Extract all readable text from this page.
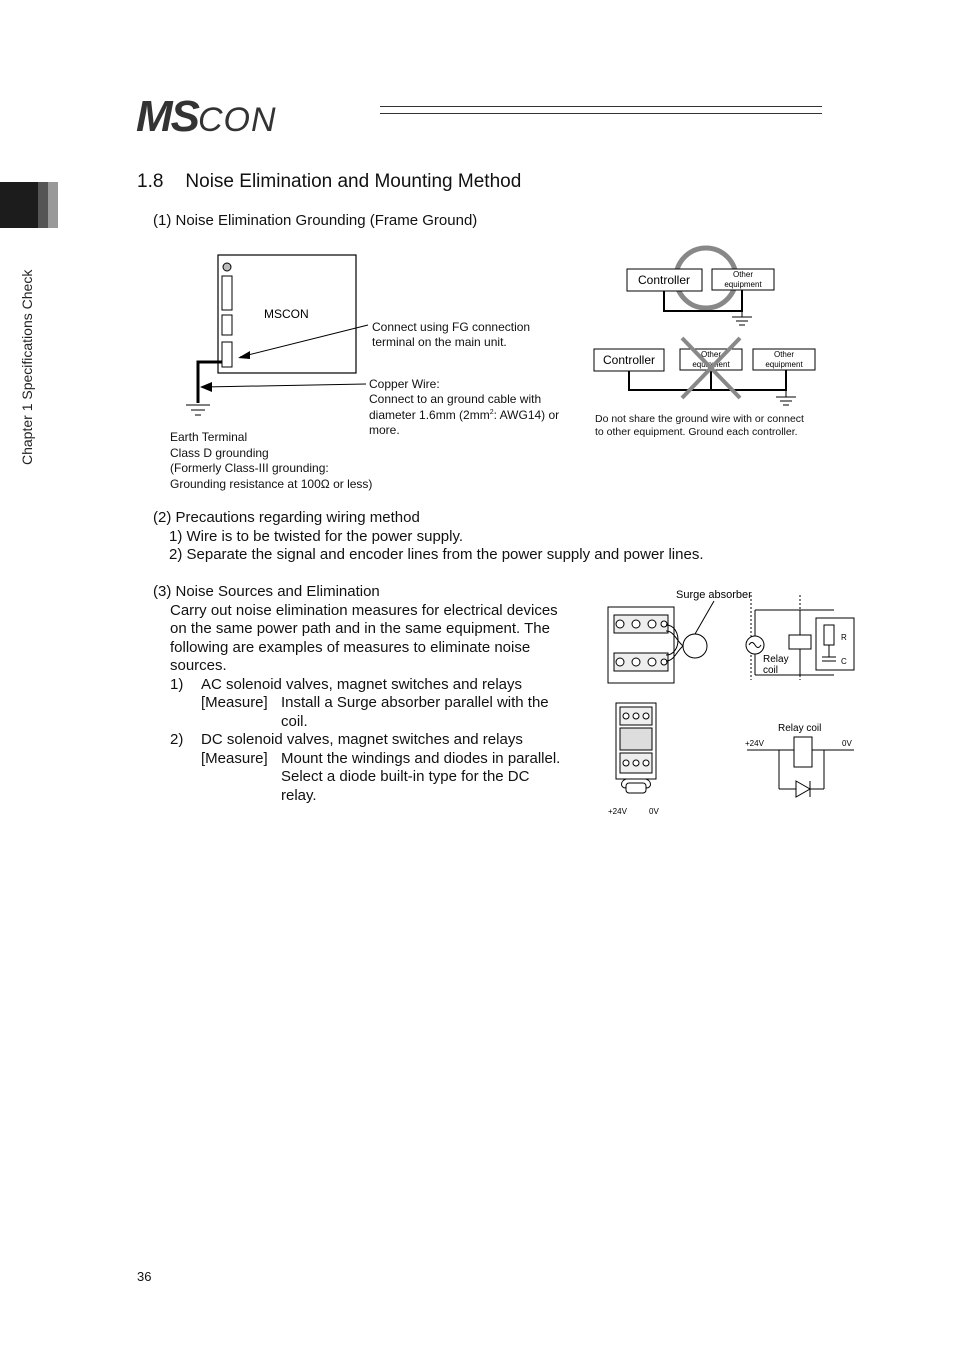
MSCON
Chapter 1 Specifications Check
1.8 Noise Elimination and Mounting Method
(1) Noise Elimination Grounding (Frame Ground)
MSCON
Connect using FG connection
terminal on the main unit.
Copper Wire:
Connect to an ground cable with
diameter 1.6mm ($2mm^2$: AWG14) or
more.
Earth Terminal
Class D grounding
(Formerly Class-III grounding:
Grounding resistance at 100Ω or less)
Controller	Other
equipment
Controller	Other
equipment
Other
equipment
Do not share the ground wire with or connect
to other equipment. Ground each controller.
(2) Precautions regarding wiring method
1) Wire is to be twisted for the power supply.
2) Separate the signal and encoder lines from the power supply and power lines.
(3) Noise Sources and Elimination
Carry out noise elimination measures for electrical devices
on the same power path and in the same equipment. The
following are examples of measures to eliminate noise
sources.
1) AC solenoid valves, magnet switches and relays
[Measure] Install a Surge absorber parallel with the
coil.
2) DC solenoid valves, magnet switches and relays
[Measure] Mount the windings and diodes in parallel.
Select a diode built-in type for the DC
relay.
Surge absorber
R
C
Relay
coil
+24V	0V
Relay coil
+24V	0V
36
